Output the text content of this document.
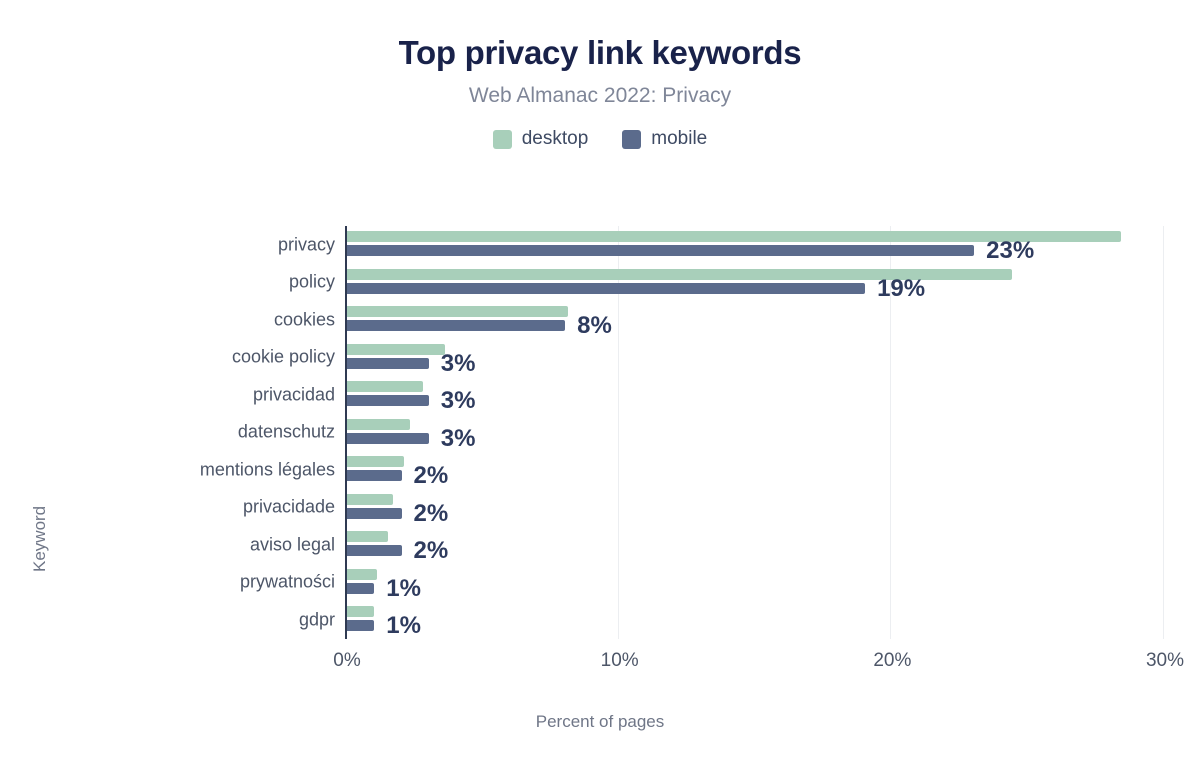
Top privacy link keywords
Web Almanac 2022: Privacy
desktop	mobile
Keyword
privacy	23%
policy	19%
cookies	8%
cookie policy	3%
privacidad	3%
datenschutz	3%
mentions légales	2%
privacidade	2%
aviso legal	2%
prywatności 1%
gdpr 1%
0%	10%	20%	30%
Percent of pages
